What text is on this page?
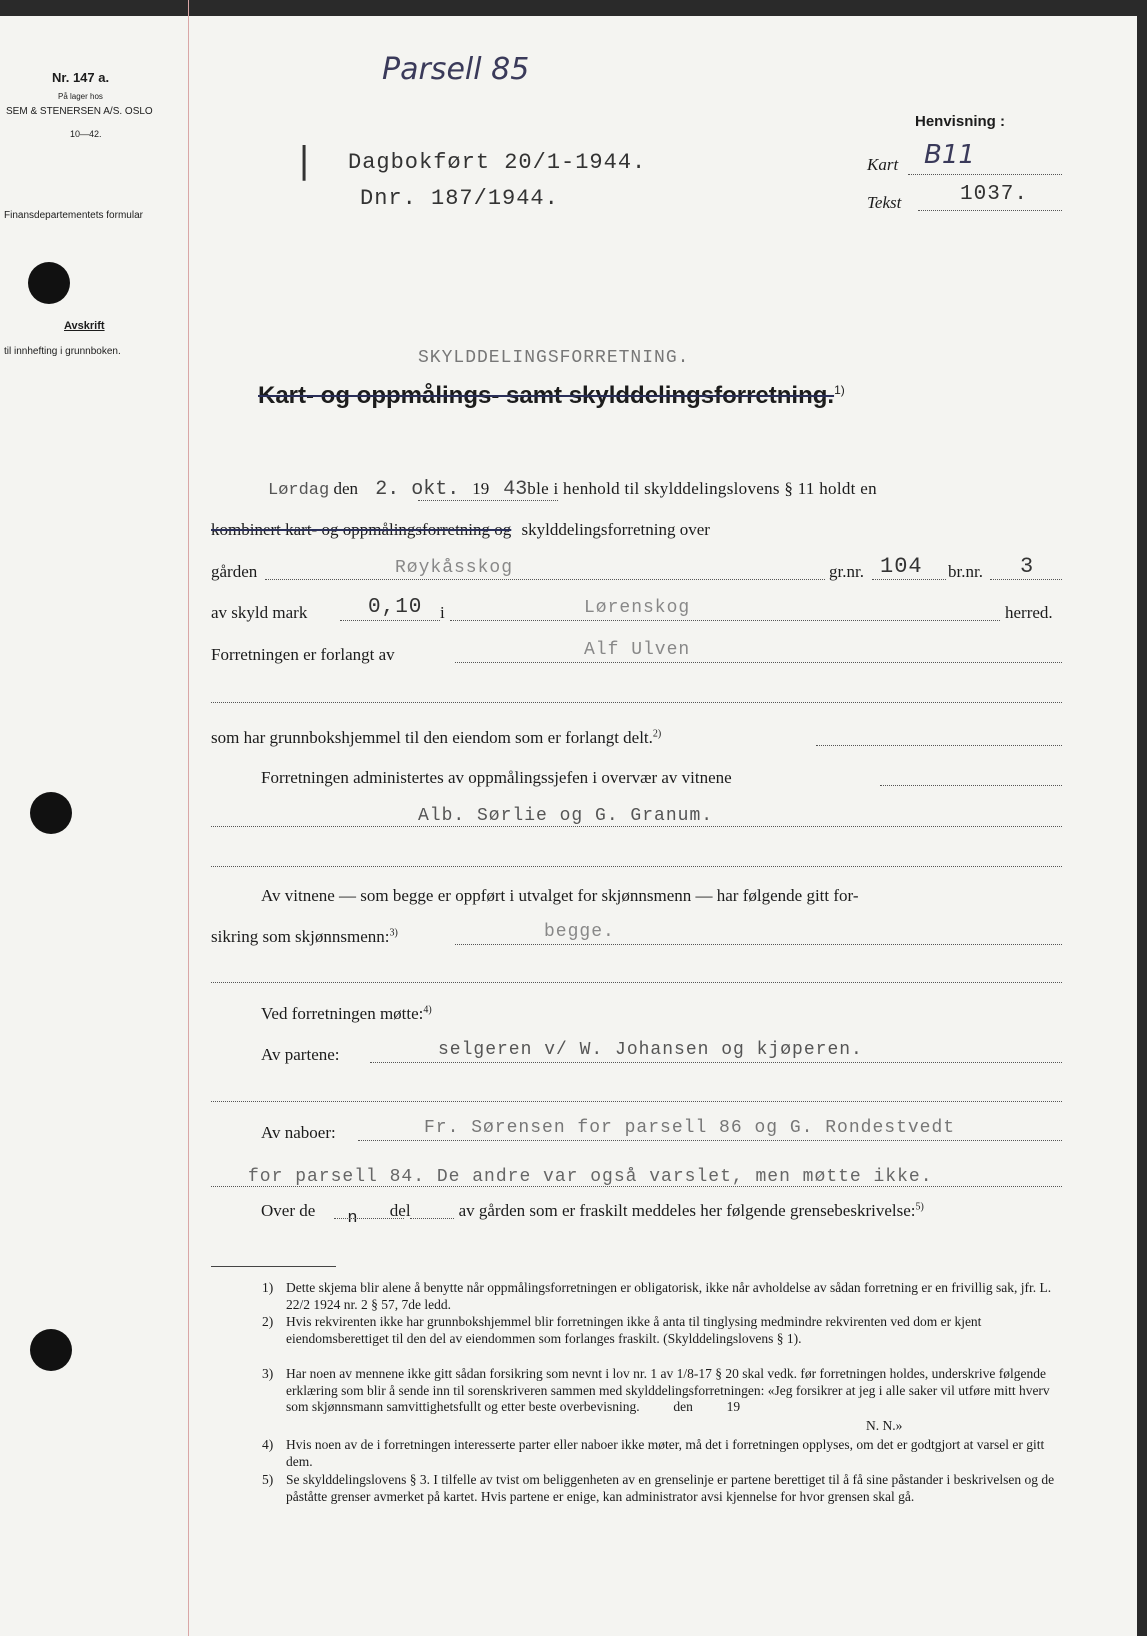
Nr. 147 a.
På lager hos
SEM & STENERSEN A/S. OSLO
10—42.
Finansdepartementets formular
Avskrift
til innhefting i grunnboken.
Parsell 85
| Dagbokført 20/1-1944.
Dnr. 187/1944.
Henvisning :
Kart B11
Tekst	1037.
SKYLDDELINGSFORRETNING.
Kart- og oppmålings- samt skylddelingsforretning.$^{1)}$
Lørdag den 2. okt. 19 43ble i henhold til skylddelingslovens § 11 holdt en
kombinert kart- og oppmålingsforretning og skylddelingsforretning over
gården	Røykåsskog	gr.nr. 104 br.nr. 3
av skyld mark	0,10 i	Lørenskog	herred.
Forretningen er forlangt av	Alf Ulven
som har grunnbokshjemmel til den eiendom som er forlangt delt.$^{2)}$
Forretningen administertes av oppmålingssjefen i overvær av vitnene
Alb. Sørlie og G. Granum.
Av vitnene — som begge er oppført i utvalget for skjønnsmenn — har følgende gitt for-
sikring som skjønnsmenn:$^{3)}$	begge.
Ved forretningen møtte:$^{4)}$
Av partene:	selgeren v/ W. Johansen og kjøperen.
Av naboer:	Fr. Sørensen for parsell 86 og G. Rondestvedt
for parsell 84. De andre var også varslet, men møtte ikke.
Over de n del	av gården som er fraskilt meddeles her følgende grensebeskrivelse:$^{5)}$
1) Dette skjema blir alene å benytte når oppmålingsforretningen er obligatorisk, ikke når avholdelse av sådan forretning er en frivillig sak, jfr. L. 22/2 1924 nr. 2 § 57, 7de ledd.
2) Hvis rekvirenten ikke har grunnbokshjemmel blir forretningen ikke å anta til tinglysing medmindre rekvirenten ved dom er kjent eiendomsberettiget til den del av eiendommen som forlanges fraskilt. (Skylddelingslovens § 1).
3) Har noen av mennene ikke gitt sådan forsikring som nevnt i lov nr. 1 av 1/8-17 § 20 skal vedk. før forretningen holdes, underskrive følgende erklæring som blir å sende inn til sorenskriveren sammen med skylddelingsforretningen: «Jeg forsikrer at jeg i alle saker vil utføre mitt hverv som skjønnsmann samvittighetsfullt og etter beste overbevisning.          den          19
N. N.»
4) Hvis noen av de i forretningen interesserte parter eller naboer ikke møter, må det i forretningen opplyses, om det er godtgjort at varsel er gitt dem.
5) Se skylddelingslovens § 3. I tilfelle av tvist om beliggenheten av en grenselinje er partene berettiget til å få sine påstander i beskrivelsen og de påståtte grenser avmerket på kartet. Hvis partene er enige, kan administrator avsi kjennelse for hvor grensen skal gå.
